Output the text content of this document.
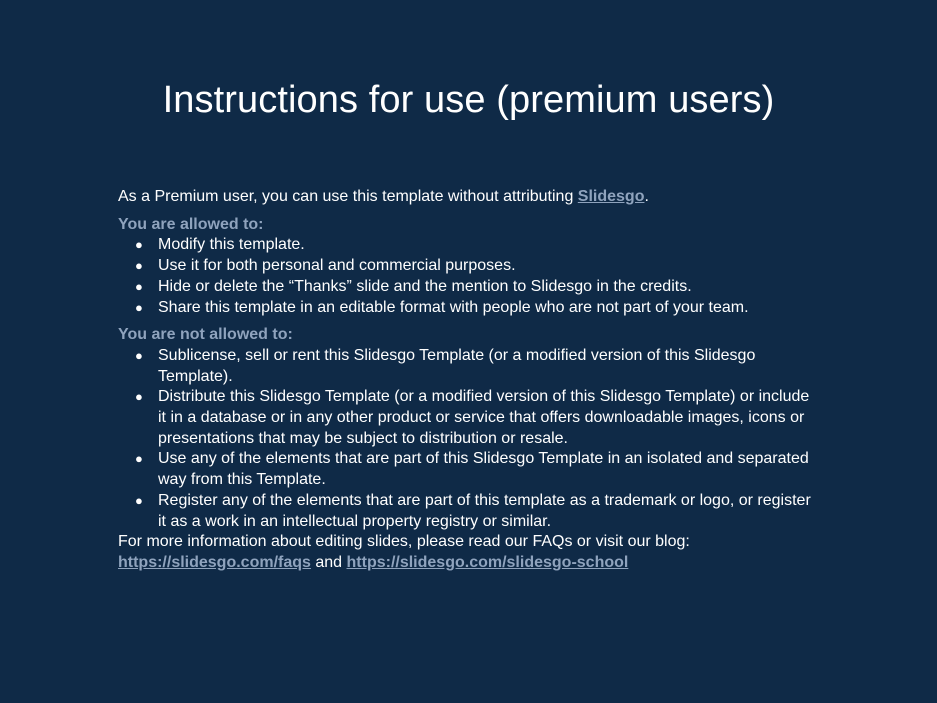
Instructions for use (premium users)

As a Premium user, you can use this template without attributing Slidesgo.

You are allowed to:

● Modify this template.
● Use it for both personal and commercial purposes.
● Hide or delete the “Thanks” slide and the mention to Slidesgo in the credits.
● Share this template in an editable format with people who are not part of your team.

You are not allowed to:

● Sublicense, sell or rent this Slidesgo Template (or a modified version of this Slidesgo Template).
● Distribute this Slidesgo Template (or a modified version of this Slidesgo Template) or include it in a database or in any other product or service that offers downloadable images, icons or presentations that may be subject to distribution or resale.
● Use any of the elements that are part of this Slidesgo Template in an isolated and separated way from this Template.
● Register any of the elements that are part of this template as a trademark or logo, or register it as a work in an intellectual property registry or similar.

For more information about editing slides, please read our FAQs or visit our blog:

https://slidesgo.com/faqs and https://slidesgo.com/slidesgo-school
